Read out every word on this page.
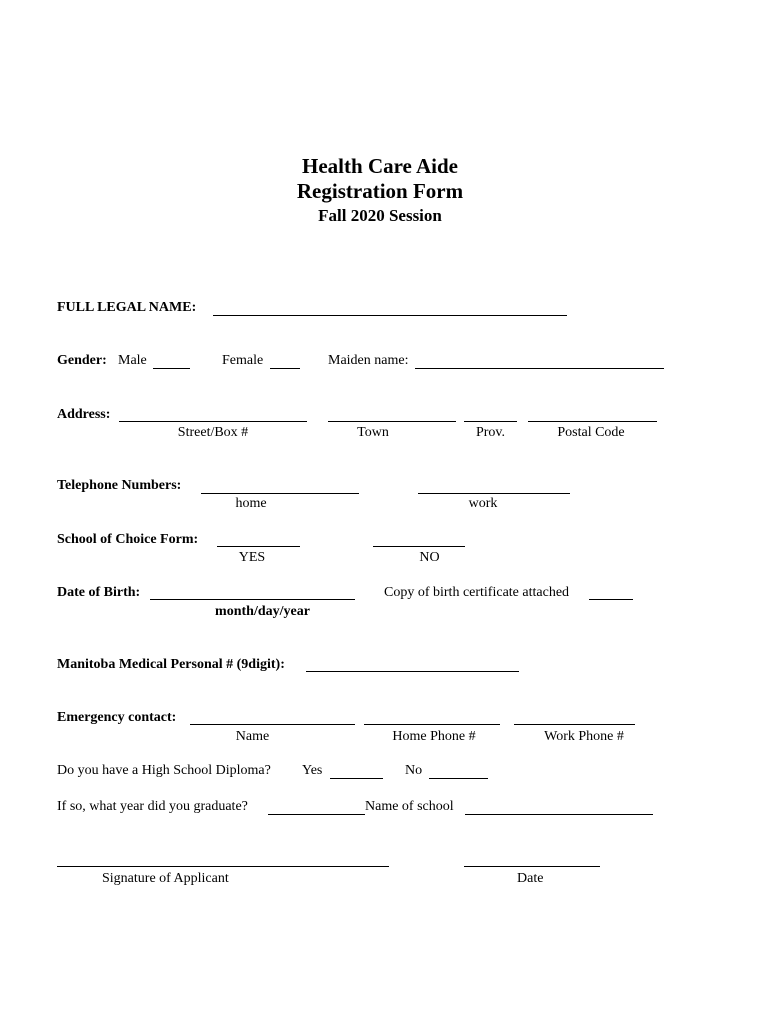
Health Care Aide
Registration Form
Fall 2020 Session
FULL LEGAL NAME:
Gender: Male	Female	Maiden name:
Address:
Street/Box #	Town	Prov.	Postal Code
Telephone Numbers:
home	work
School of Choice Form:
YES	NO
Date of Birth:
month/day/year
Copy of birth certificate attached
Manitoba Medical Personal # (9digit):
Emergency contact:
Name	Home Phone #	Work Phone #
Do you have a High School Diploma? Yes	No
If so, what year did you graduate?	Name of school
Signature of Applicant	Date
